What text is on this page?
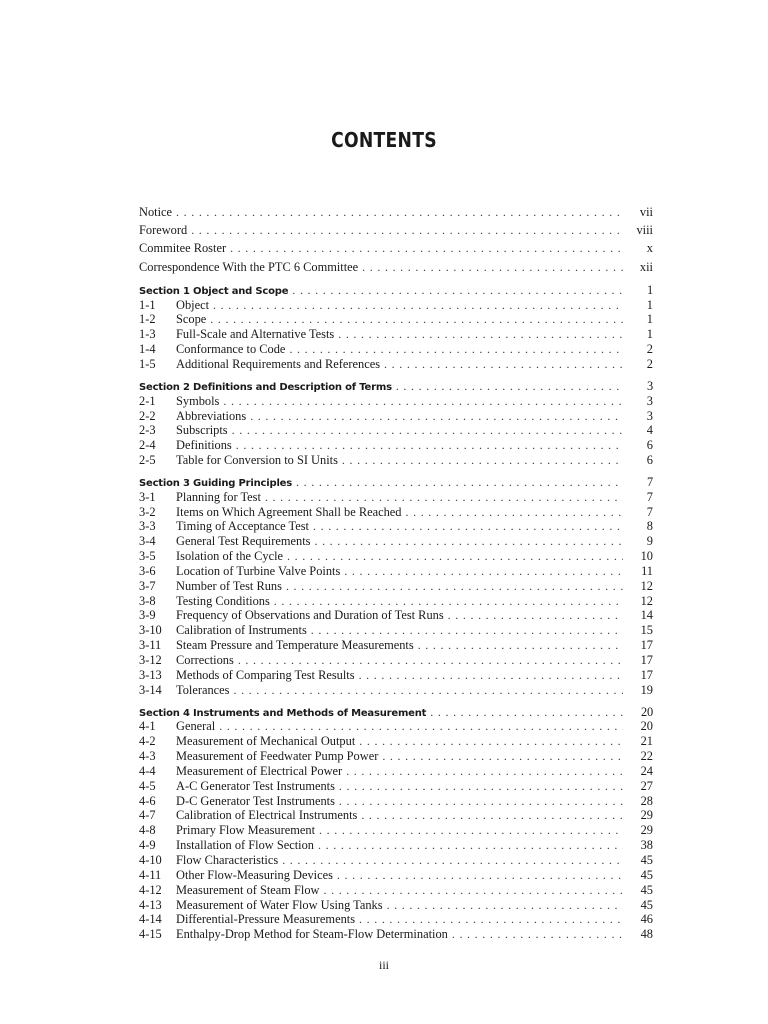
CONTENTS
Notice . . .	vii
Foreword . . .	viii
Commitee Roster . . .	x
Correspondence With the PTC 6 Committee . . .	xii
Section 1 Object and Scope . . .	1
1-1	Object . . .	1
1-2	Scope . . .	1
1-3	Full-Scale and Alternative Tests . . .	1
1-4	Conformance to Code . . .	2
1-5	Additional Requirements and References . . .	2
Section 2 Definitions and Description of Terms . . .	3
2-1	Symbols . . .	3
2-2	Abbreviations . . .	3
2-3	Subscripts . . .	4
2-4	Definitions . . .	6
2-5	Table for Conversion to SI Units . . .	6
Section 3 Guiding Principles . . .	7
3-1	Planning for Test . . .	7
3-2	Items on Which Agreement Shall be Reached . . .	7
3-3	Timing of Acceptance Test . . .	8
3-4	General Test Requirements . . .	9
3-5	Isolation of the Cycle . . .	10
3-6	Location of Turbine Valve Points . . .	11
3-7	Number of Test Runs . . .	12
3-8	Testing Conditions . . .	12
3-9	Frequency of Observations and Duration of Test Runs . . .	14
3-10	Calibration of Instruments . . .	15
3-11	Steam Pressure and Temperature Measurements . . .	17
3-12	Corrections . . .	17
3-13	Methods of Comparing Test Results . . .	17
3-14	Tolerances . . .	19
Section 4 Instruments and Methods of Measurement . . .	20
4-1	General . . .	20
4-2	Measurement of Mechanical Output . . .	21
4-3	Measurement of Feedwater Pump Power . . .	22
4-4	Measurement of Electrical Power . . .	24
4-5	A-C Generator Test Instruments . . .	27
4-6	D-C Generator Test Instruments . . .	28
4-7	Calibration of Electrical Instruments . . .	29
4-8	Primary Flow Measurement . . .	29
4-9	Installation of Flow Section . . .	38
4-10	Flow Characteristics . . .	45
4-11	Other Flow-Measuring Devices . . .	45
4-12	Measurement of Steam Flow . . .	45
4-13	Measurement of Water Flow Using Tanks . . .	45
4-14	Differential-Pressure Measurements . . .	46
4-15	Enthalpy-Drop Method for Steam-Flow Determination . . .	48
iii
